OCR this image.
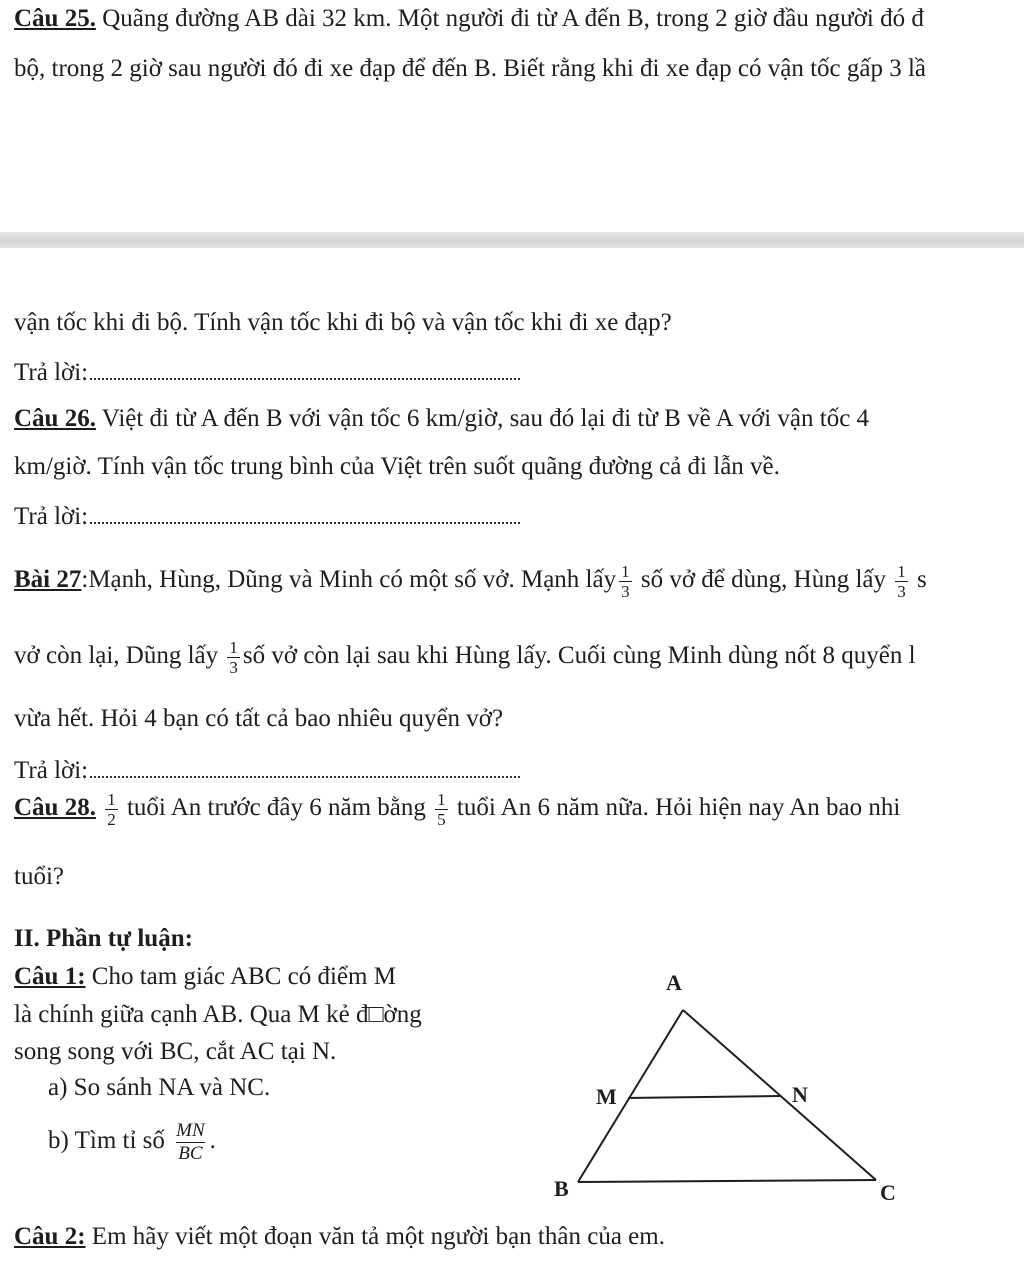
Câu 25. Quãng đường AB dài 32 km. Một người đi từ A đến B, trong 2 giờ đầu người đó đ
bộ, trong 2 giờ sau người đó đi xe đạp để đến B. Biết rằng khi đi xe đạp có vận tốc gấp 3 lầ
vận tốc khi đi bộ. Tính vận tốc khi đi bộ và vận tốc khi đi xe đạp?
Trả lời:
Câu 26. Việt đi từ A đến B với vận tốc 6 km/giờ, sau đó lại đi từ B về A với vận tốc 4
km/giờ. Tính vận tốc trung bình của Việt trên suốt quãng đường cả đi lẫn về.
Trả lời:
Bài 27:Mạnh, Hùng, Dũng và Minh có một số vở. Mạnh lấy $\frac{1}{3}$ số vở để dùng, Hùng lấy $\frac{1}{3}$ s
vở còn lại, Dũng lấy $\frac{1}{3}$ số vở còn lại sau khi Hùng lấy. Cuối cùng Minh dùng nốt 8 quyển l
vừa hết. Hỏi 4 bạn có tất cả bao nhiêu quyển vở?
Trả lời:
Câu 28. $\frac{1}{2}$ tuổi An trước đây 6 năm bằng $\frac{1}{5}$ tuổi An 6 năm nữa. Hỏi hiện nay An bao nhi
tuổi?
II. Phần tự luận:
Câu 1: Cho tam giác ABC có điểm M
là chính giữa cạnh AB. Qua M kẻ đ□ờng
song song với BC, cắt AC tại N.
a) So sánh NA và NC.
b) Tìm tỉ số $\frac{MN}{BC}$ .
A
M	N
B	C
Câu 2: Em hãy viết một đoạn văn tả một người bạn thân của em.
